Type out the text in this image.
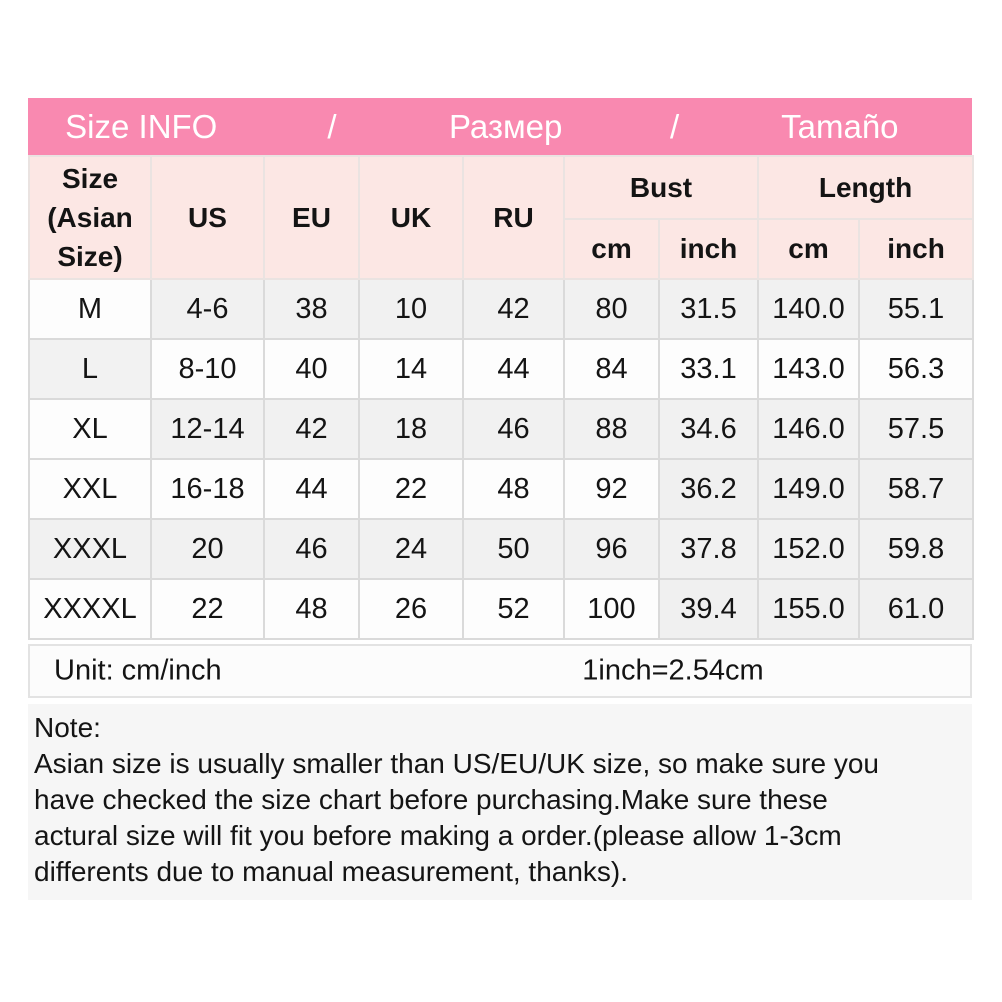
Size INFO	/	Размер	/	Tamaño
Size (Asian Size)	US	EU	UK	RU	Bust		Length	
					cm	inch	cm	inch
M	4-6	38	10	42	80	31.5	140.0	55.1
L	8-10	40	14	44	84	33.1	143.0	56.3
XL	12-14	42	18	46	88	34.6	146.0	57.5
XXL	16-18	44	22	48	92	36.2	149.0	58.7
XXXL	20	46	24	50	96	37.8	152.0	59.8
XXXXL	22	48	26	52	100	39.4	155.0	61.0
Unit: cm/inch	1inch=2.54cm
Note:
Asian size is usually smaller than US/EU/UK size, so make sure you
have checked the size chart before purchasing.Make sure these
actural size will fit you before making a order.(please allow 1-3cm
differents due to manual measurement, thanks).
